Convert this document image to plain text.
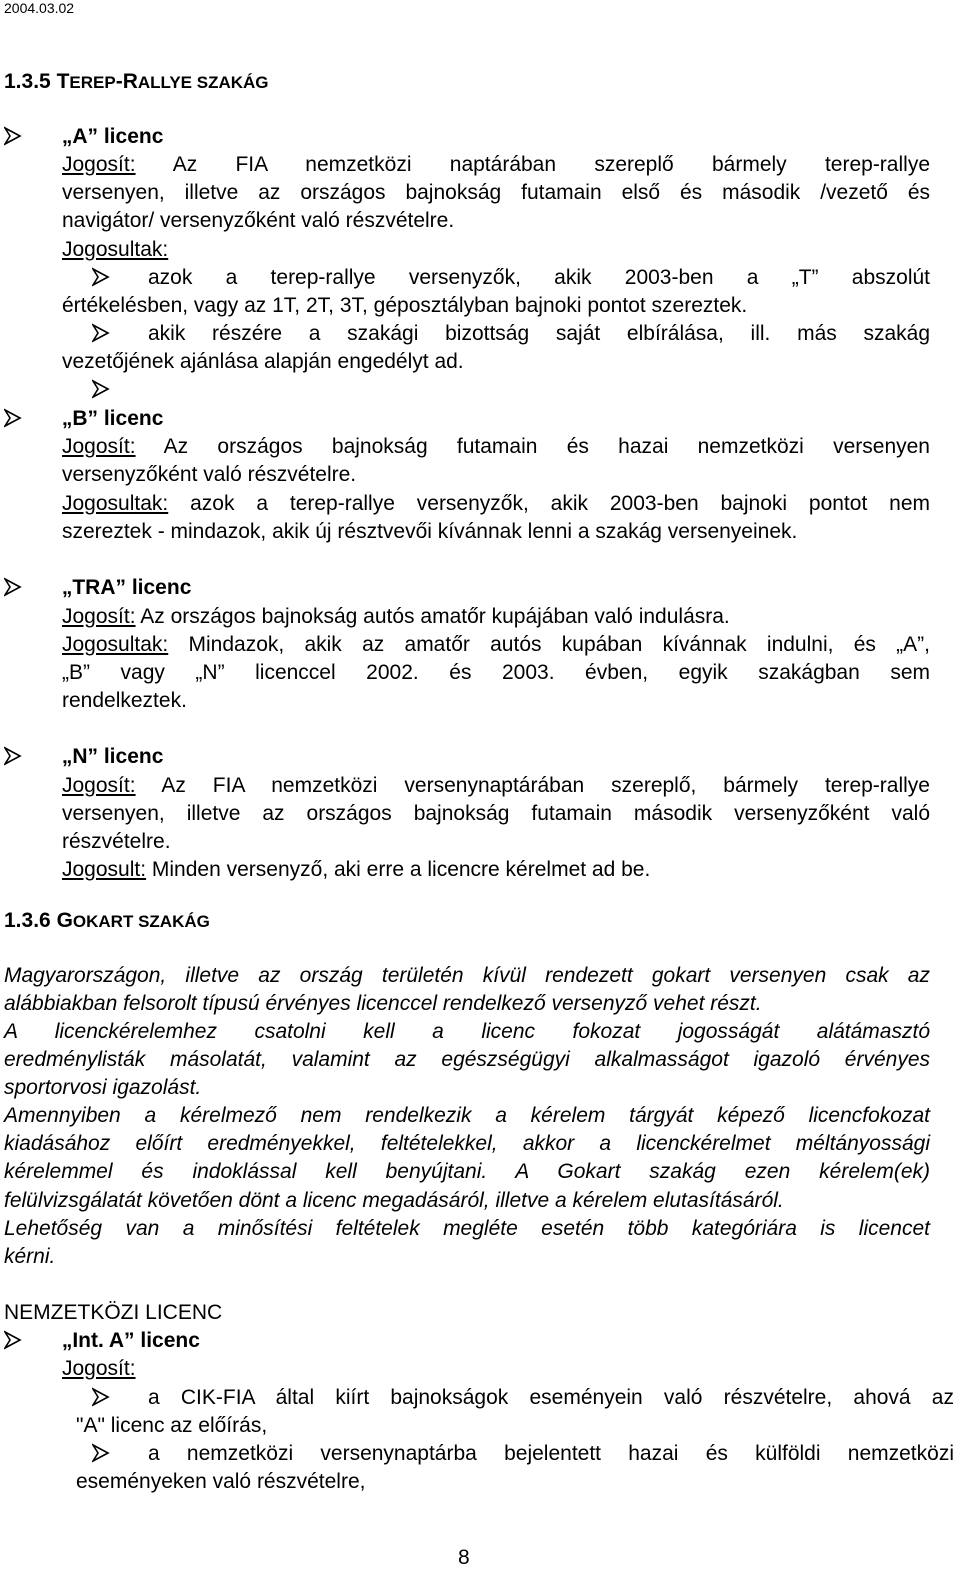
2004.03.02
1.3.5 TEREP-RALLYE SZAKÁG
„A” licenc
Jogosít: Az FIA nemzetközi naptárában szereplő bármely terep-rallye
versenyen, illetve az országos bajnokság futamain első és második /vezető és
navigátor/ versenyzőként való részvételre.
Jogosultak:
azok a terep-rallye versenyzők, akik 2003-ben a „T” abszolút
értékelésben, vagy az 1T, 2T, 3T, géposztályban bajnoki pontot szereztek.
akik részére a szakági bizottság saját elbírálása, ill. más szakág
vezetőjének ajánlása alapján engedélyt ad.
„B” licenc
Jogosít: Az országos bajnokság futamain és hazai nemzetközi versenyen
versenyzőként való részvételre.
Jogosultak: azok a terep-rallye versenyzők, akik 2003-ben bajnoki pontot nem
szereztek - mindazok, akik új résztvevői kívánnak lenni a szakág versenyeinek.
„TRA” licenc
Jogosít: Az országos bajnokság autós amatőr kupájában való indulásra.
Jogosultak: Mindazok, akik az amatőr autós kupában kívánnak indulni, és „A”,
„B” vagy „N” licenccel 2002. és 2003. évben, egyik szakágban sem
rendelkeztek.
„N” licenc
Jogosít: Az FIA nemzetközi versenynaptárában szereplő, bármely terep-rallye
versenyen, illetve az országos bajnokság futamain második versenyzőként való
részvételre.
Jogosult: Minden versenyző, aki erre a licencre kérelmet ad be.
1.3.6 GOKART SZAKÁG
Magyarországon, illetve az ország területén kívül rendezett gokart versenyen csak az
alábbiakban felsorolt típusú érvényes licenccel rendelkező versenyző vehet részt.
A licenckérelemhez csatolni kell a licenc fokozat jogosságát alátámasztó
eredménylisták másolatát, valamint az egészségügyi alkalmasságot igazoló érvényes
sportorvosi igazolást.
Amennyiben a kérelmező nem rendelkezik a kérelem tárgyát képező licencfokozat
kiadásához előírt eredményekkel, feltételekkel, akkor a licenckérelmet méltányossági
kérelemmel és indoklással kell benyújtani. A Gokart szakág ezen kérelem(ek)
felülvizsgálatát követően dönt a licenc megadásáról, illetve a kérelem elutasításáról.
Lehetőség van a minősítési feltételek megléte esetén több kategóriára is licencet
kérni.
NEMZETKÖZI LICENC
„Int. A” licenc
Jogosít:
a CIK-FIA által kiírt bajnokságok eseményein való részvételre, ahová az
"A" licenc az előírás,
a nemzetközi versenynaptárba bejelentett hazai és külföldi nemzetközi
eseményeken való részvételre,
8
